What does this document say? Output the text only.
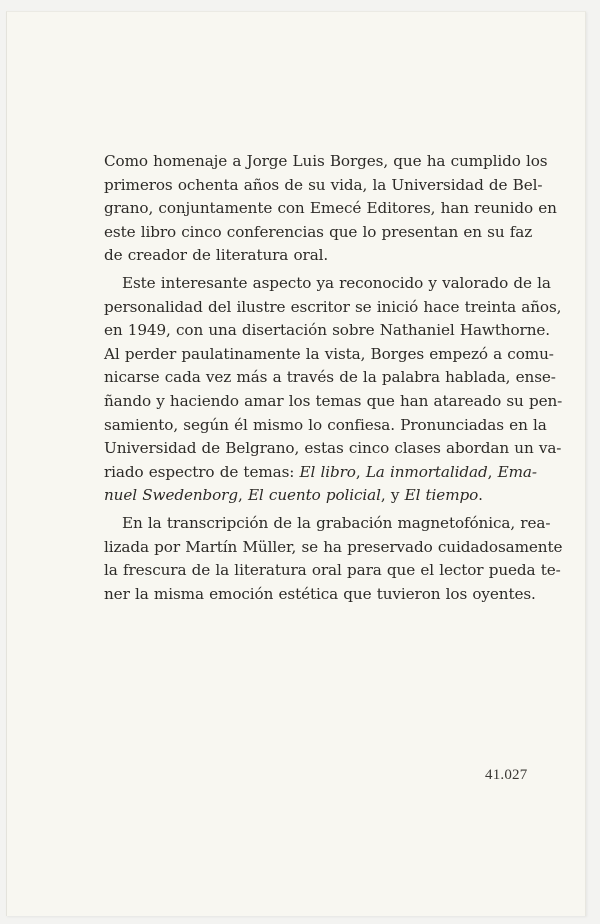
Como homenaje a Jorge Luis Borges, que ha cumplido los
primeros ochenta años de su vida, la Universidad de Bel-
grano, conjuntamente con Emecé Editores, han reunido en
este libro cinco conferencias que lo presentan en su faz
de creador de literatura oral.

Este interesante aspecto ya reconocido y valorado de la
personalidad del ilustre escritor se inició hace treinta años,
en 1949, con una disertación sobre Nathaniel Hawthorne.
Al perder paulatinamente la vista, Borges empezó a comu-
nicarse cada vez más a través de la palabra hablada, ense-
ñando y haciendo amar los temas que han atareado su pen-
samiento, según él mismo lo confiesa. Pronunciadas en la
Universidad de Belgrano, estas cinco clases abordan un va-
riado espectro de temas: El libro, La inmortalidad, Ema-
nuel Swedenborg, El cuento policial, y El tiempo.

En la transcripción de la grabación magnetofónica, rea-
lizada por Martín Müller, se ha preservado cuidadosamente
la frescura de la literatura oral para que el lector pueda te-
ner la misma emoción estética que tuvieron los oyentes.

41.027
